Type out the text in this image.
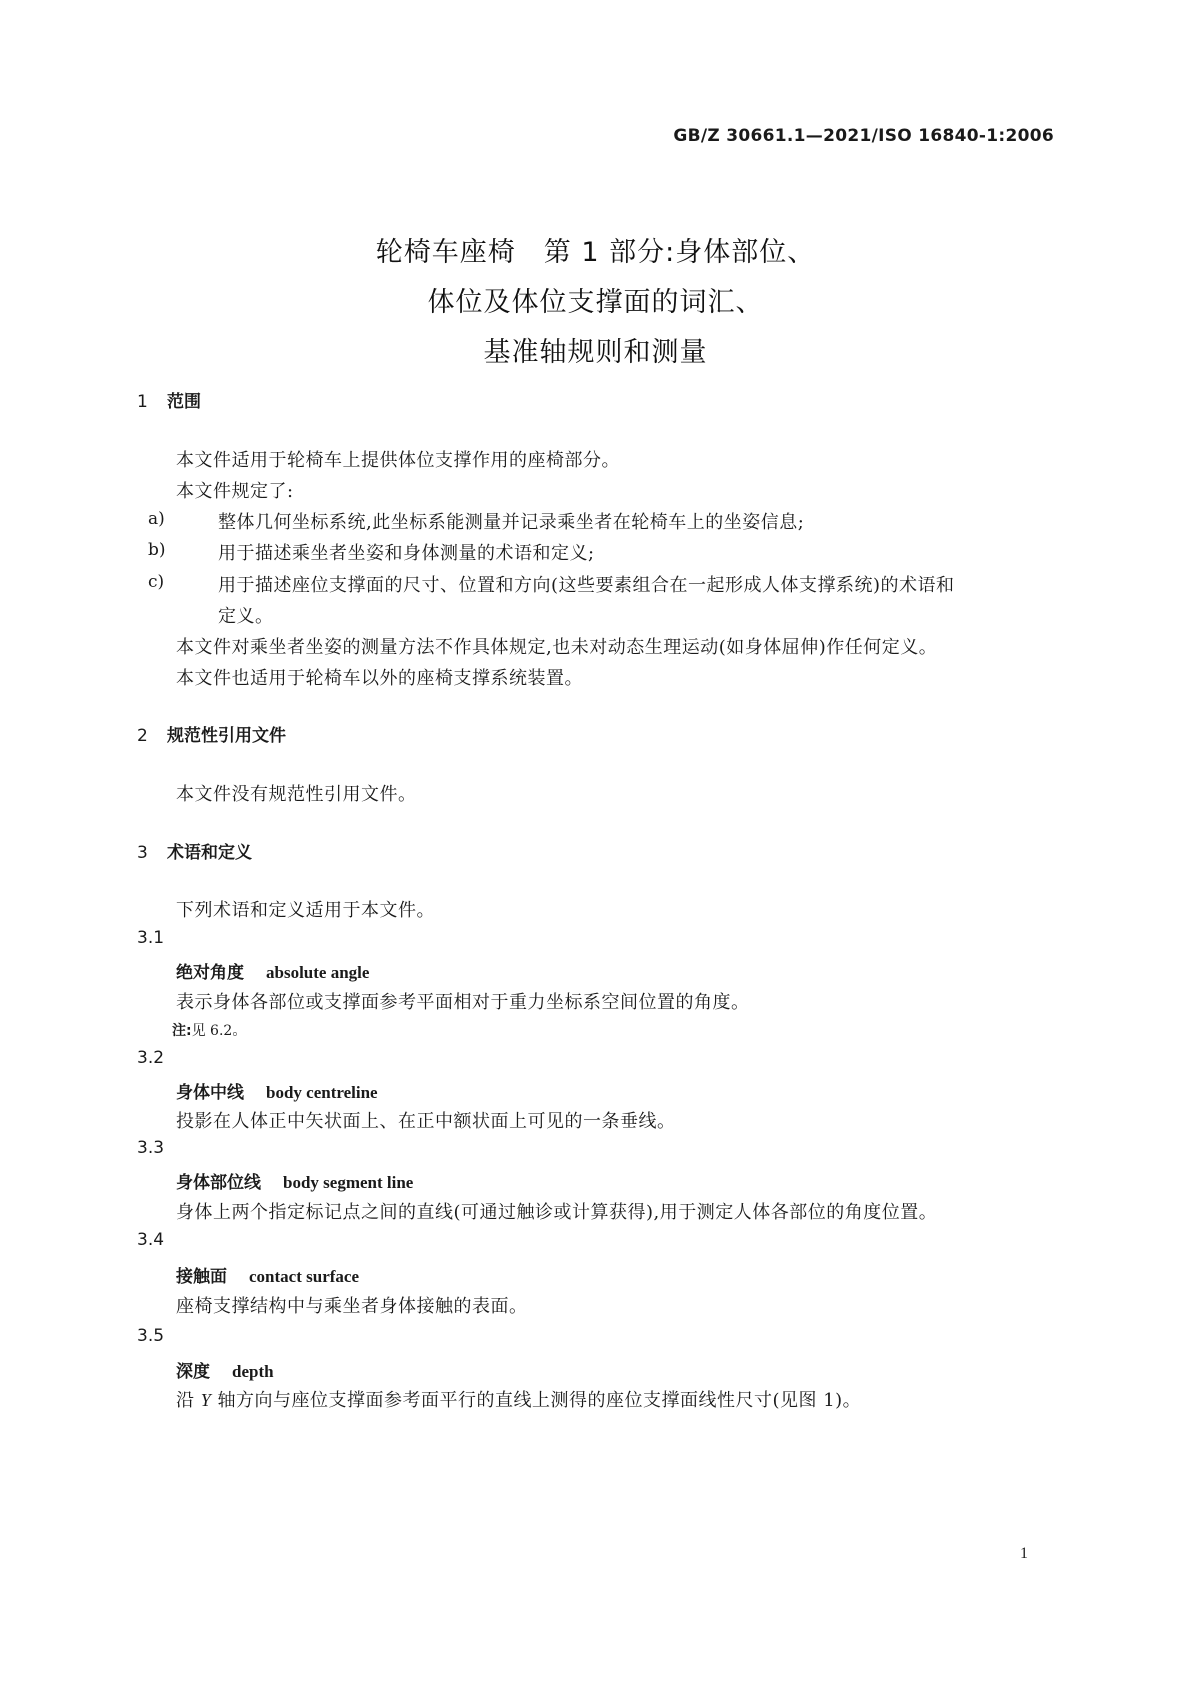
GB/Z 30661.1—2021/ISO 16840-1:2006
轮椅车座椅　第 1 部分:身体部位、
体位及体位支撑面的词汇、
基准轴规则和测量
1 范围
本文件适用于轮椅车上提供体位支撑作用的座椅部分。
本文件规定了:
a)	整体几何坐标系统,此坐标系能测量并记录乘坐者在轮椅车上的坐姿信息;
b)	用于描述乘坐者坐姿和身体测量的术语和定义;
c)	用于描述座位支撑面的尺寸、位置和方向(这些要素组合在一起形成人体支撑系统)的术语和
定义。
本文件对乘坐者坐姿的测量方法不作具体规定,也未对动态生理运动(如身体屈伸)作任何定义。
本文件也适用于轮椅车以外的座椅支撑系统装置。
2 规范性引用文件
本文件没有规范性引用文件。
3 术语和定义
下列术语和定义适用于本文件。
3.1
绝对角度 absolute angle
表示身体各部位或支撑面参考平面相对于重力坐标系空间位置的角度。
注:见 6.2。
3.2
身体中线 body centreline
投影在人体正中矢状面上、在正中额状面上可见的一条垂线。
3.3
身体部位线 body segment line
身体上两个指定标记点之间的直线(可通过触诊或计算获得),用于测定人体各部位的角度位置。
3.4
接触面 contact surface
座椅支撑结构中与乘坐者身体接触的表面。
3.5
深度 depth
沿 Y 轴方向与座位支撑面参考面平行的直线上测得的座位支撑面线性尺寸(见图 1)。
1
